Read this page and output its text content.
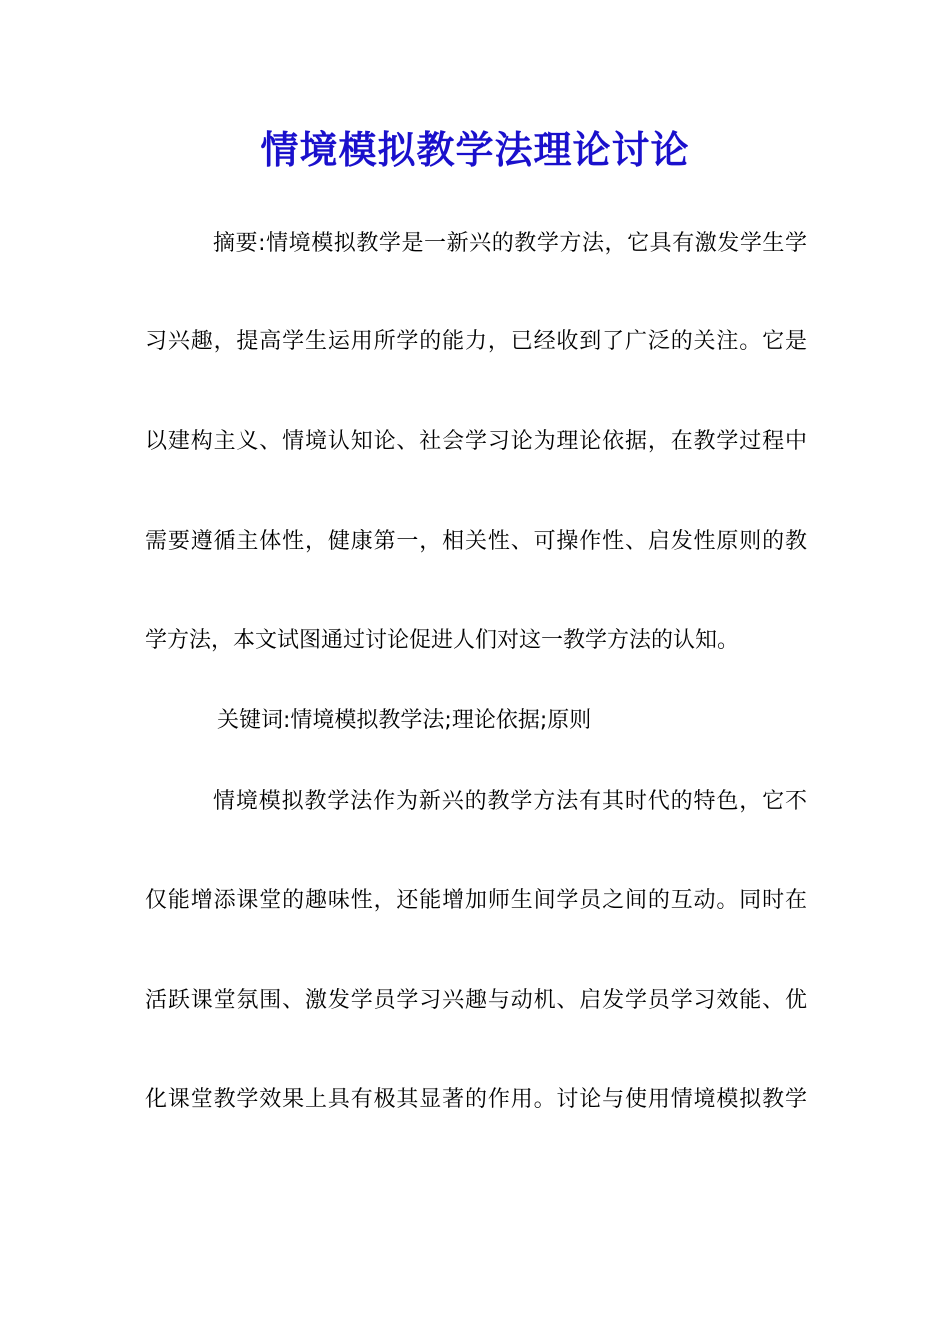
情境模拟教学法理论讨论
摘要:情境模拟教学是一新兴的教学方法，它具有激发学生学
习兴趣，提高学生运用所学的能力，已经收到了广泛的关注。它是
以建构主义、情境认知论、社会学习论为理论依据，在教学过程中
需要遵循主体性，健康第一，相关性、可操作性、启发性原则的教
学方法，本文试图通过讨论促进人们对这一教学方法的认知。
关键词:情境模拟教学法;理论依据;原则
情境模拟教学法作为新兴的教学方法有其时代的特色，它不
仅能增添课堂的趣味性，还能增加师生间学员之间的互动。同时在
活跃课堂氛围、激发学员学习兴趣与动机、启发学员学习效能、优
化课堂教学效果上具有极其显著的作用。讨论与使用情境模拟教学
